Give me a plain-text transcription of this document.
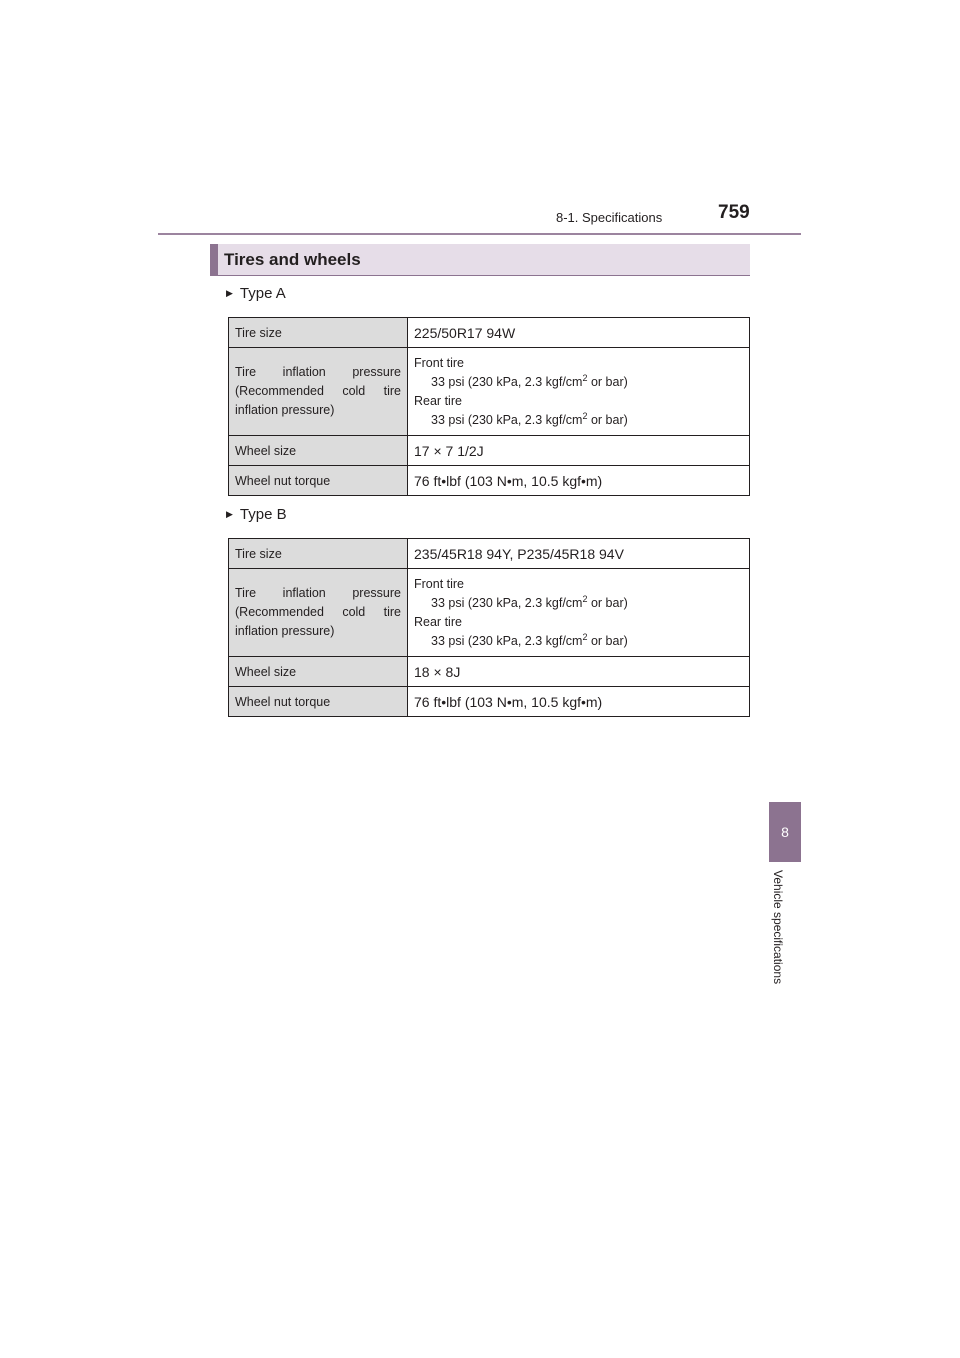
8-1. Specifications	759
8
Vehicle specifications
Tires and wheels
▶ Type A
Tire size	225/50R17 94W

Tire inflation pressure (Recommended cold tire inflation pressure)	Front tire
33 psi (230 kPa, 2.3 kgf/$cm^2$ or bar)
Rear tire
33 psi (230 kPa, 2.3 kgf/$cm^2$ or bar)

Wheel size	17 × 7 1/2J
Wheel nut torque	76 ft•lbf (103 N•m, 10.5 kgf•m)
▶ Type B
Tire size	235/45R18 94Y, P235/45R18 94V

Tire inflation pressure (Recommended cold tire inflation pressure)	Front tire
33 psi (230 kPa, 2.3 kgf/$cm^2$ or bar)
Rear tire
33 psi (230 kPa, 2.3 kgf/$cm^2$ or bar)

Wheel size	18 × 8J
Wheel nut torque	76 ft•lbf (103 N•m, 10.5 kgf•m)
